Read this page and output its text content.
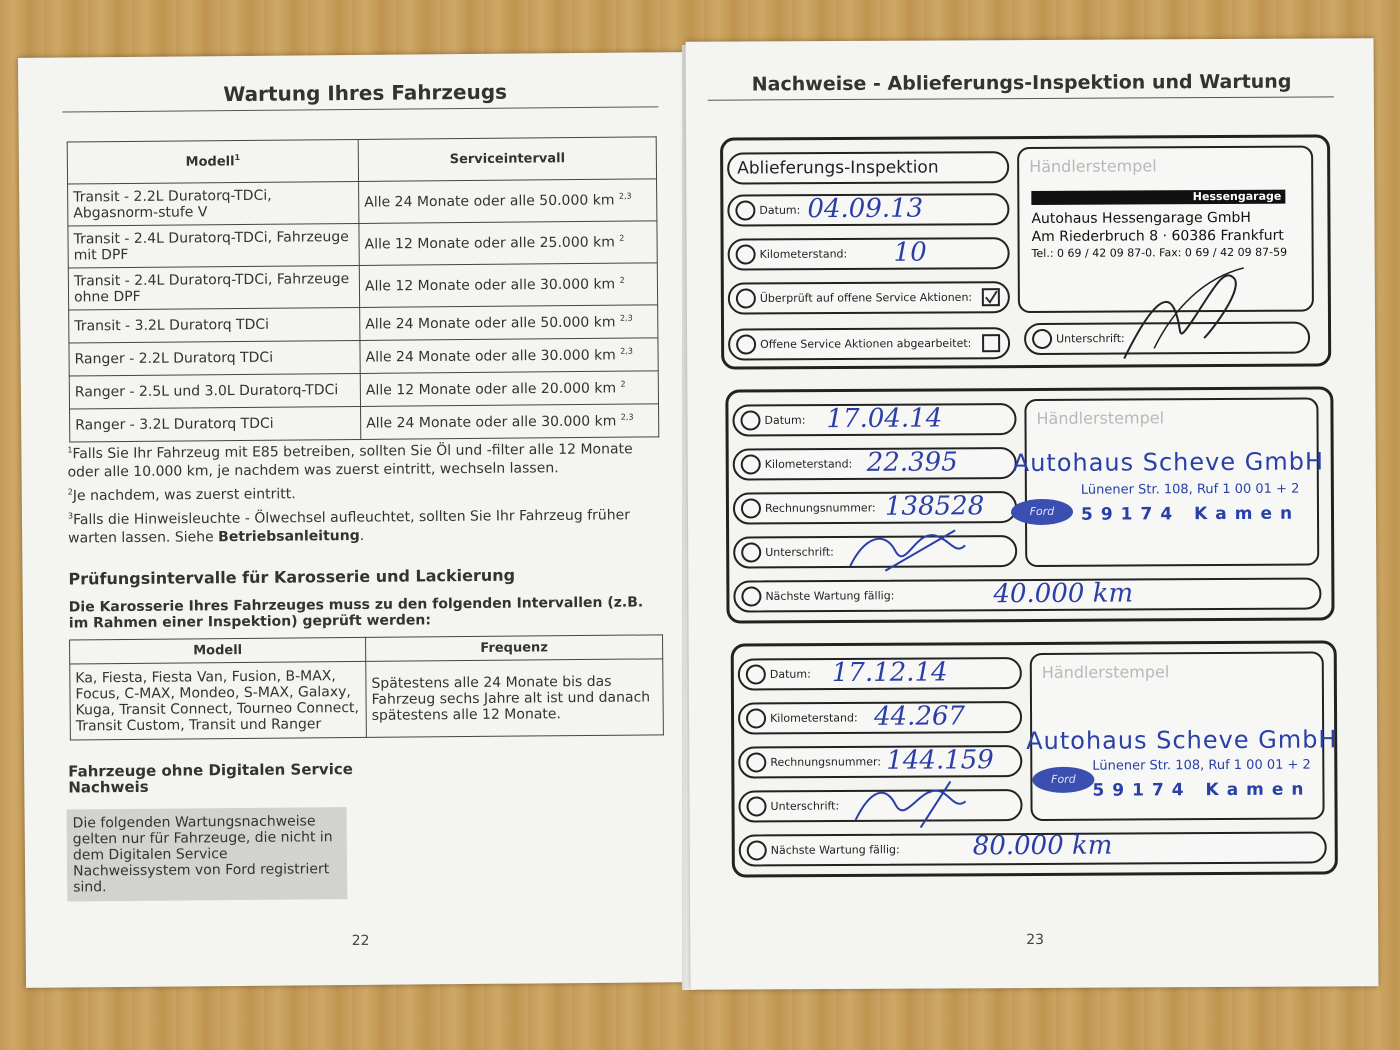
Wartung Ihres Fahrzeugs
Modell$^1$	Serviceintervall
Transit - 2.2L Duratorq-TDCi, Abgasnorm-stufe V	Alle 24 Monate oder alle 50.000 km $^{2,3}$
Transit - 2.4L Duratorq-TDCi, Fahrzeuge mit DPF	Alle 12 Monate oder alle 25.000 km $^2$
Transit - 2.4L Duratorq-TDCi, Fahrzeuge ohne DPF	Alle 12 Monate oder alle 30.000 km $^2$
Transit - 3.2L Duratorq TDCi	Alle 24 Monate oder alle 50.000 km $^{2,3}$
Ranger - 2.2L Duratorq TDCi	Alle 24 Monate oder alle 30.000 km $^{2,3}$
Ranger - 2.5L und 3.0L Duratorq-TDCi	Alle 12 Monate oder alle 20.000 km $^2$
Ranger - 3.2L Duratorq TDCi	Alle 24 Monate oder alle 30.000 km $^{2,3}$
$^1$Falls Sie Ihr Fahrzeug mit E85 betreiben, sollten Sie Öl und -filter alle 12 Monate oder alle 10.000 km, je nachdem was zuerst eintritt, wechseln lassen.
$^2$Je nachdem, was zuerst eintritt.
$^3$Falls die Hinweisleuchte - Ölwechsel aufleuchtet, sollten Sie Ihr Fahrzeug früher warten lassen. Siehe Betriebsanleitung.
Prüfungsintervalle für Karosserie und Lackierung
Die Karosserie Ihres Fahrzeuges muss zu den folgenden Intervallen (z.B. im Rahmen einer Inspektion) geprüft werden:
Modell	Frequenz
Ka, Fiesta, Fiesta Van, Fusion, B-MAX, Focus, C-MAX, Mondeo, S-MAX, Galaxy, Kuga, Transit Connect, Tourneo Connect, Transit Custom, Transit und Ranger	Spätestens alle 24 Monate bis das Fahrzeug sechs Jahre alt ist und danach spätestens alle 12 Monate.
Fahrzeuge ohne Digitalen Service Nachweis
Die folgenden Wartungsnachweise gelten nur für Fahrzeuge, die nicht in dem Digitalen Service Nachweissystem von Ford registriert sind.
22
Nachweise - Ablieferungs-Inspektion und Wartung
Ablieferungs-Inspektion
Datum: 04.09.13
Kilometerstand: 10
Überprüft auf offene Service Aktionen:
Offene Service Aktionen abgearbeitet:
Händlerstempel
Hessengarage
Autohaus Hessengarage GmbH
Am Riederbruch 8 · 60386 Frankfurt
Tel.: 0 69 / 42 09 87-0. Fax: 0 69 / 42 09 87-59
Unterschrift:
Datum: 17.04.14
Kilometerstand: 22.395
Rechnungsnummer: 138528
Unterschrift:
Nächste Wartung fällig:	40.000 km
Händlerstempel
Autohaus Scheve GmbH
Lünener Str. 108, Ruf 1 00 01 + 2
59174 Kamen
Ford
Datum: 17.12.14
Kilometerstand: 44.267
Rechnungsnummer: 144.159
Unterschrift:
Nächste Wartung fällig:	80.000 km
Händlerstempel
Autohaus Scheve GmbH
Lünener Str. 108, Ruf 1 00 01 + 2
59174 Kamen
Ford
23
